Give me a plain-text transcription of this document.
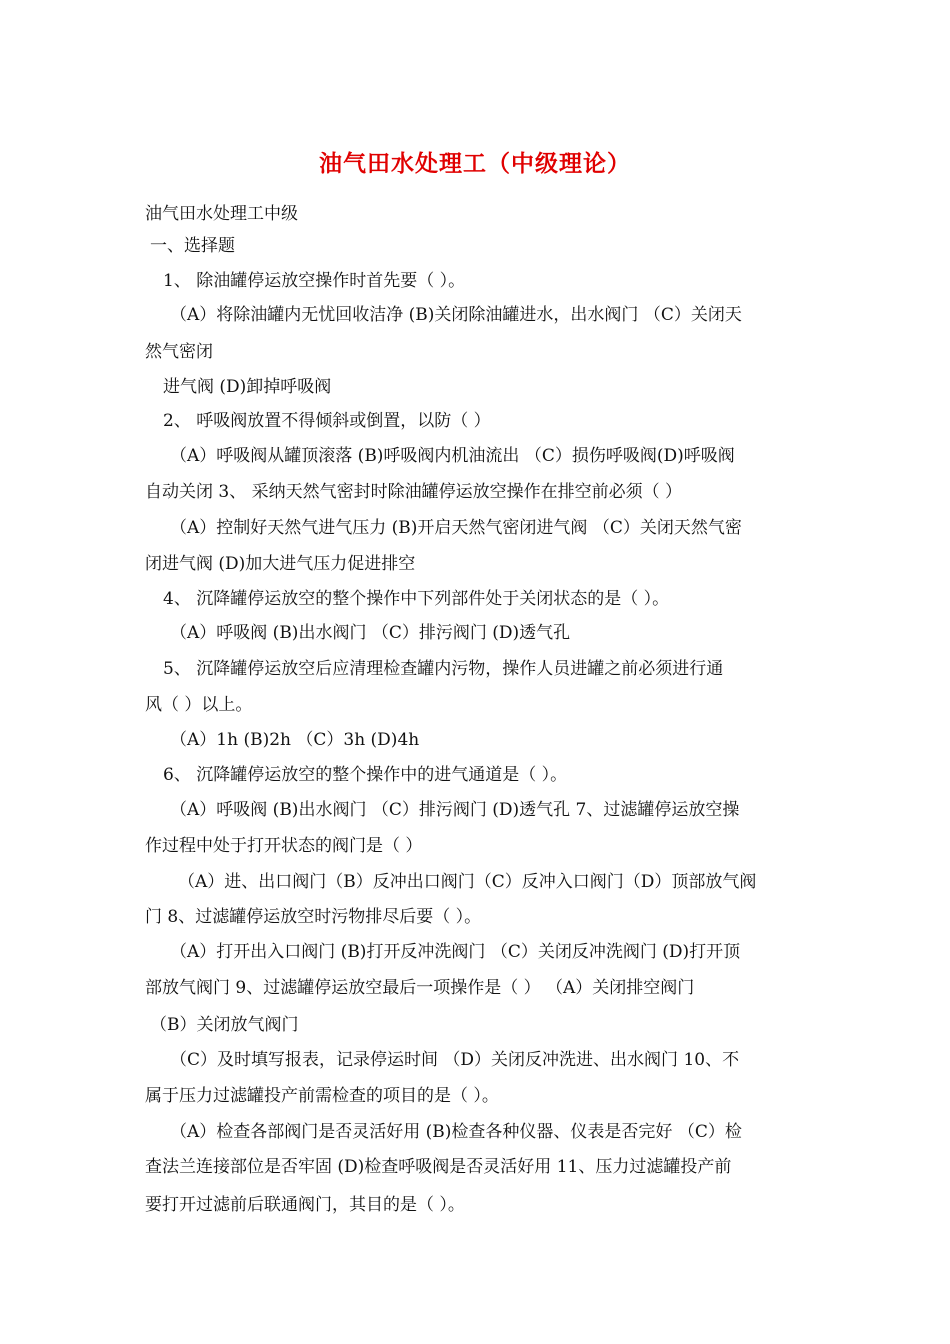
油气田水处理工（中级理论）
油气田水处理工中级
一、选择题
1、 除油罐停运放空操作时首先要（ ）。
（A）将除油罐内无忧回收洁净 (B)关闭除油罐进水，出水阀门 （C）关闭天
然气密闭
进气阀 (D)卸掉呼吸阀
2、 呼吸阀放置不得倾斜或倒置，以防（ ）
（A）呼吸阀从罐顶滚落 (B)呼吸阀内机油流出 （C）损伤呼吸阀(D)呼吸阀
自动关闭 3、 采纳天然气密封时除油罐停运放空操作在排空前必须（ ）
（A）控制好天然气进气压力 (B)开启天然气密闭进气阀 （C）关闭天然气密
闭进气阀 (D)加大进气压力促进排空
4、 沉降罐停运放空的整个操作中下列部件处于关闭状态的是（ ）。
（A）呼吸阀 (B)出水阀门 （C）排污阀门 (D)透气孔
5、 沉降罐停运放空后应清理检查罐内污物，操作人员进罐之前必须进行通
风（ ）以上。
（A）1h (B)2h （C）3h (D)4h
6、 沉降罐停运放空的整个操作中的进气通道是（ ）。
（A）呼吸阀 (B)出水阀门 （C）排污阀门 (D)透气孔 7、过滤罐停运放空操
作过程中处于打开状态的阀门是（ ）
（A）进、出口阀门（B）反冲出口阀门（C）反冲入口阀门（D）顶部放气阀
门 8、过滤罐停运放空时污物排尽后要（ ）。
（A）打开出入口阀门 (B)打开反冲洗阀门 （C）关闭反冲洗阀门 (D)打开顶
部放气阀门 9、过滤罐停运放空最后一项操作是（ ） （A）关闭排空阀门
（B）关闭放气阀门
（C）及时填写报表，记录停运时间 （D）关闭反冲洗进、出水阀门 10、不
属于压力过滤罐投产前需检查的项目的是（ ）。
（A）检查各部阀门是否灵活好用 (B)检查各种仪器、仪表是否完好 （C）检
查法兰连接部位是否牢固 (D)检查呼吸阀是否灵活好用 11、压力过滤罐投产前
要打开过滤前后联通阀门，其目的是（ ）。
